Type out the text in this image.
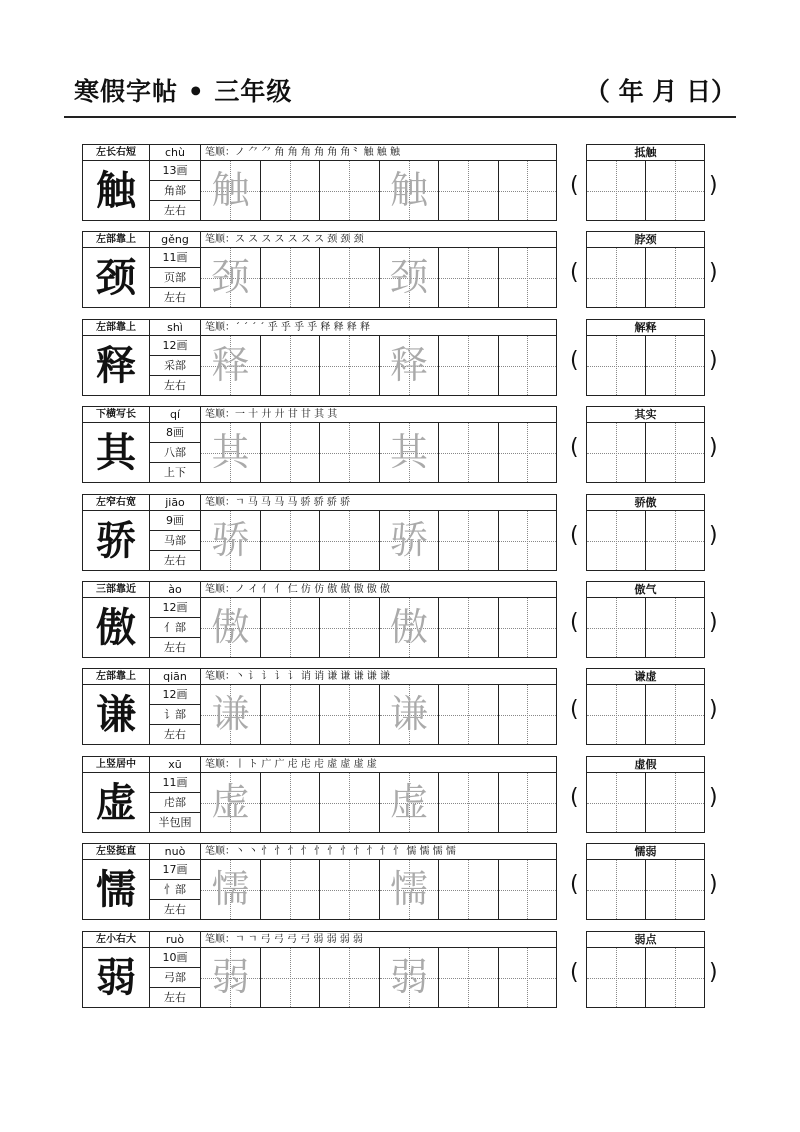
寒假字帖 • 三年级	（ 年 月 日）
左长右短	chù	笔顺：ノ ⺈ ⺈ 角 角 角 角 角 角⺀ 触 触 触
触	13画
角部
左右 触	触	(
抵触
)
左部靠上	gěng	笔顺：ス ス ス ス ス ス ス 颈 颈 颈
颈	11画
页部
左右 颈	颈	(
脖颈
)
左部靠上	shì	笔顺：ˊ ˊ ˊ ˊ 乎 乎 乎 乎 释 释 释 释
释	12画
采部
左右 释	释	(
解释
)
下横写长	qí	笔顺：一 十 廾 廾 甘 甘 其 其
其	8画
八部
上下 其	其	(
其实
)
左窄右宽	jiāo	笔顺：ㄱ 马 马 马 马 骄 骄 骄 骄
骄	9画
马部
左右 骄	骄	(
骄傲
)
三部靠近	ào	笔顺：ノ イ 亻 亻 仁 仿 仿 傲 傲 傲 傲 傲
傲	12画
亻部
左右 傲	傲	(
傲气
)
左部靠上	qiān	笔顺：丶 讠 讠 讠 讠 诮 诮 谦 谦 谦 谦 谦
谦	12画
讠部
左右 谦	谦	(
谦虚
)
上竖居中	xū	笔顺：丨 ト 广 广 虍 虍 虍 虚 虚 虚 虚
虚	11画
虍部
半包围 虚	虚	(
虚假
)
左竖挺直	nuò	笔顺：丶 丶 忄 忄 忄 忄 忄 忄 忄 忄 忄 忄 忄 懦 懦 懦 懦
懦	17画
忄部
左右 懦	懦	(
懦弱
)
左小右大	ruò	笔顺：ㄱ ㄱ 弓 弓 弓 弓 弱 弱 弱 弱
弱	10画
弓部
左右 弱	弱	(
弱点
)
